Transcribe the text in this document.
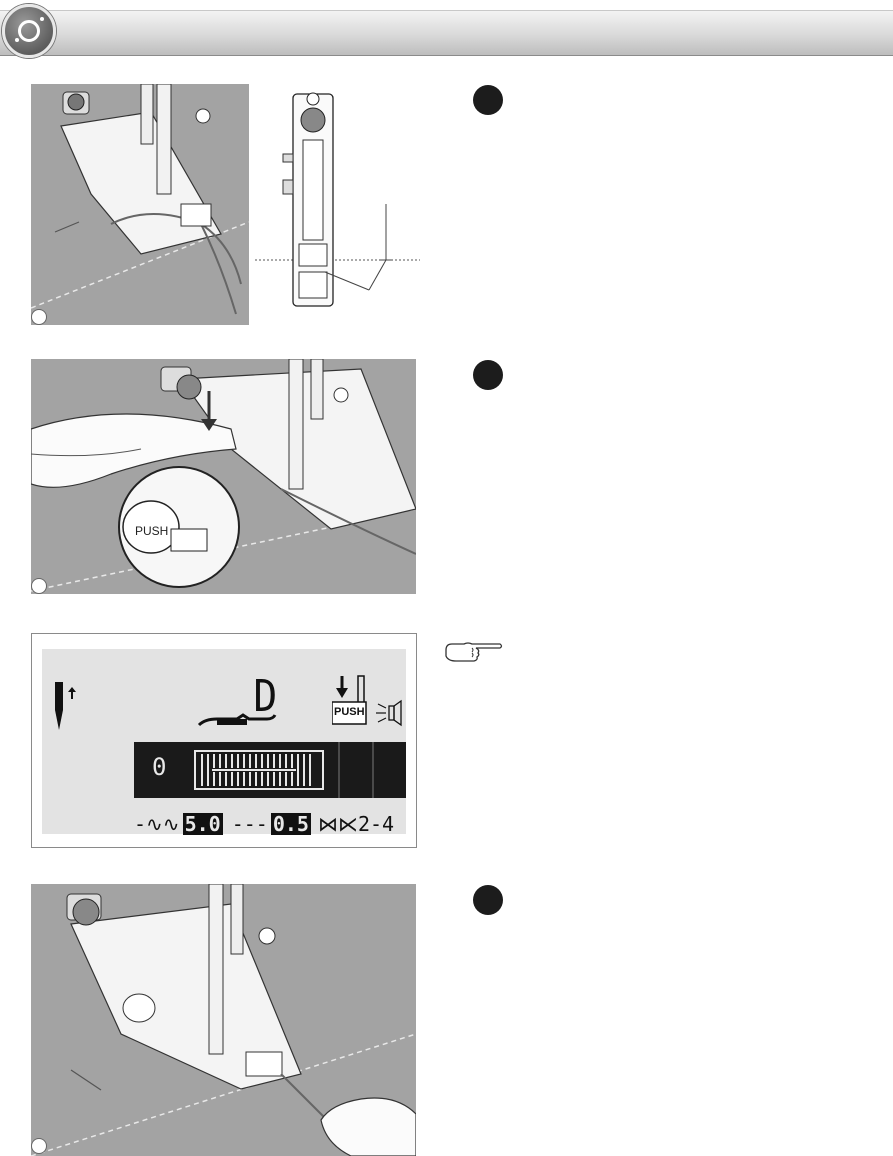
PUSH
D	PUSH
0
-∿∿ 5.0 --- 0.5 ⋈⋉ 2-4
